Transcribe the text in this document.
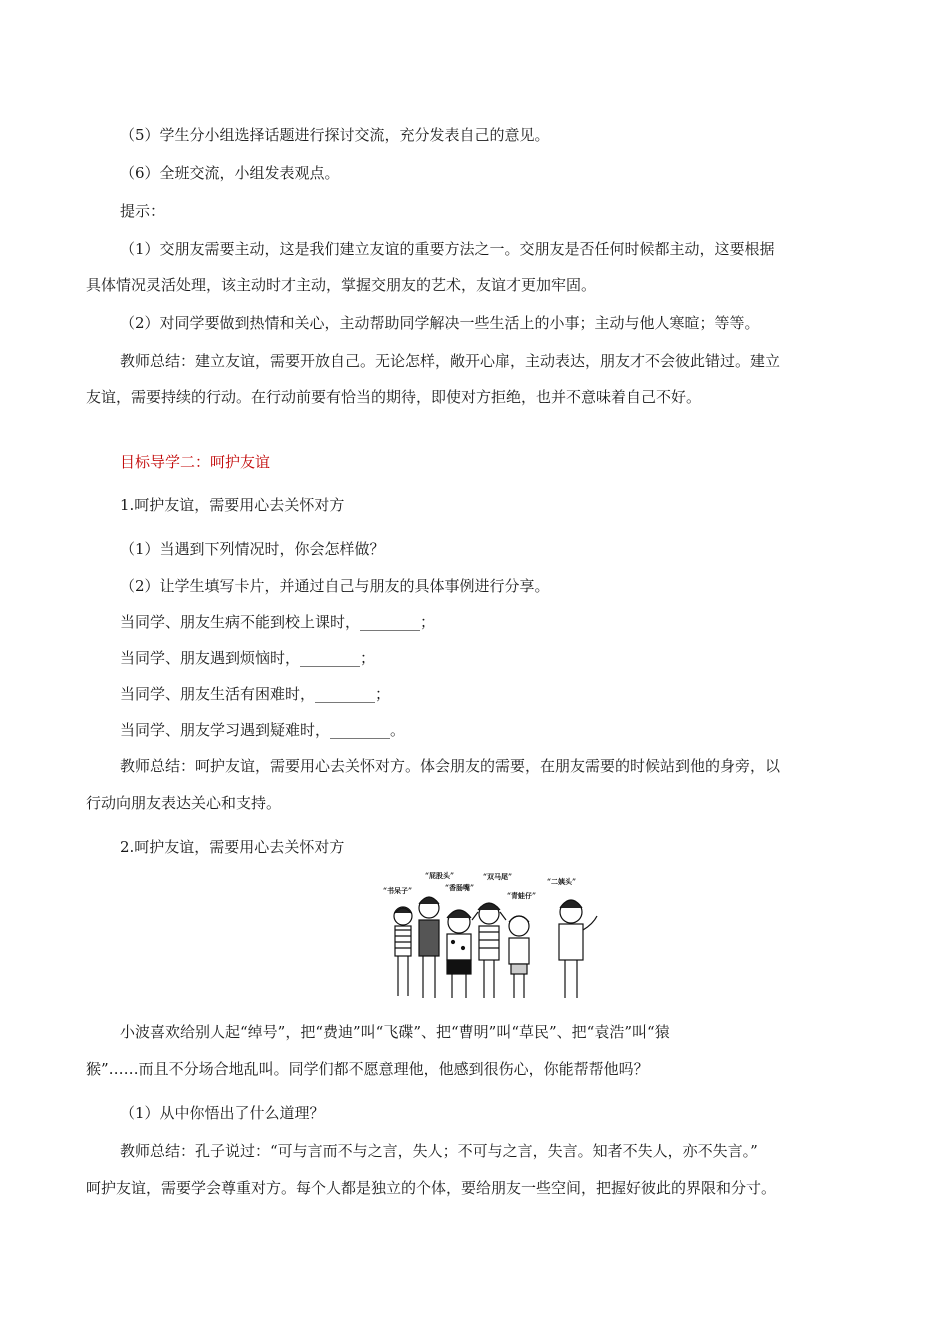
（5）学生分小组选择话题进行探讨交流，充分发表自己的意见。
（6）全班交流，小组发表观点。
提示：
（1）交朋友需要主动，这是我们建立友谊的重要方法之一。交朋友是否任何时候都主动，这要根据
具体情况灵活处理，该主动时才主动，掌握交朋友的艺术，友谊才更加牢固。
（2）对同学要做到热情和关心，主动帮助同学解决一些生活上的小事；主动与他人寒暄；等等。
教师总结：建立友谊，需要开放自己。无论怎样，敞开心扉，主动表达，朋友才不会彼此错过。建立
友谊，需要持续的行动。在行动前要有恰当的期待，即使对方拒绝，也并不意味着自己不好。
目标导学二：呵护友谊
1.呵护友谊，需要用心去关怀对方
（1）当遇到下列情况时，你会怎样做？
（2）让学生填写卡片，并通过自己与朋友的具体事例进行分享。
当同学、朋友生病不能到校上课时，________；
当同学、朋友遇到烦恼时，________；
当同学、朋友生活有困难时，________；
当同学、朋友学习遇到疑难时，________。
教师总结：呵护友谊，需要用心去关怀对方。体会朋友的需要，在朋友需要的时候站到他的身旁，以
行动向朋友表达关心和支持。
2.呵护友谊，需要用心去关怀对方
“书呆子”
“屁股头”
“香肠嘴”
“双马尾”
“青蛙仔”
“二姨头”
小波喜欢给别人起“绰号”，把“费迪”叫“飞碟”、把“曹明”叫“草民”、把“袁浩”叫“猿
猴”……而且不分场合地乱叫。同学们都不愿意理他，他感到很伤心，你能帮帮他吗？
（1）从中你悟出了什么道理？
教师总结：孔子说过：“可与言而不与之言，失人；不可与之言，失言。知者不失人，亦不失言。”
呵护友谊，需要学会尊重对方。每个人都是独立的个体，要给朋友一些空间，把握好彼此的界限和分寸。
